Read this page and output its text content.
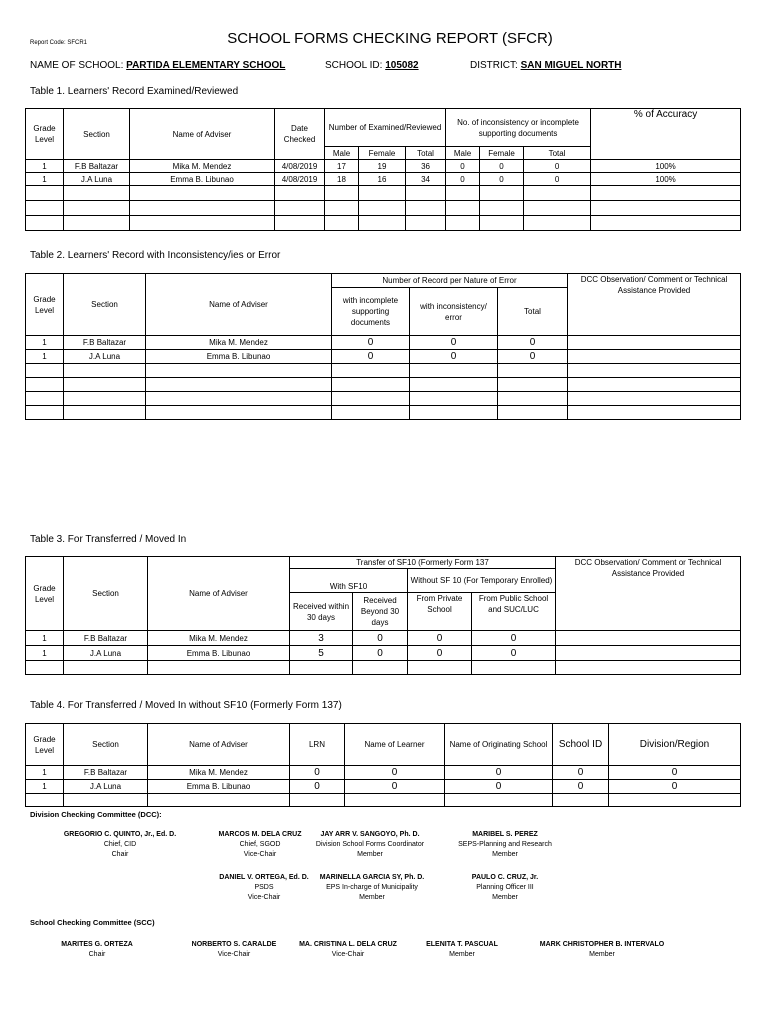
Report Code: SFCR1	SCHOOL FORMS CHECKING REPORT (SFCR)
NAME OF SCHOOL: PARTIDA ELEMENTARY SCHOOL	SCHOOL ID: 105082	DISTRICT: SAN MIGUEL NORTH
Table 1. Learners' Record Examined/Reviewed
Grade Level	Section	Name of Adviser	Date Checked	Number of Examined/Reviewed			No. of inconsistency or incomplete supporting documents			% of Accuracy
				Male	Female	Total	Male	Female	Total	
1	F.B Baltazar	Mika M. Mendez	4/08/2019	17	19	36	0	0	0	100%
1	J.A Luna	Emma B. Libunao	4/08/2019	18	16	34	0	0	0	100%

Table 2. Learners' Record with Inconsistency/ies or Error
Grade Level	Section	Name of Adviser	Number of Record per Nature of Error			DCC Observation/ Comment or Technical Assistance Provided
			with incomplete supporting documents	with inconsistency/ error	Total	
1	F.B Baltazar	Mika M. Mendez	0	0	0	
1	J.A Luna	Emma B. Libunao	0	0	0	

Table 3. For Transferred / Moved In
Grade Level	Section	Name of Adviser	Transfer of SF10 (Formerly Form 137				DCC Observation/ Comment or Technical Assistance Provided
			With SF10		Without SF 10 (For Temporary Enrolled)		
			Received within 30 days	Received Beyond 30 days	From Private School	From Public School and SUC/LUC	
1	F.B Baltazar	Mika M. Mendez	3	0	0	0	
1	J.A Luna	Emma B. Libunao	5	0	0	0	

Table 4. For Transferred / Moved In without SF10 (Formerly Form 137)
Grade Level	Section	Name of Adviser	LRN	Name of Learner	Name of Originating School	School ID	Division/Region
1	F.B Baltazar	Mika M. Mendez	0	0	0	0	0
1	J.A Luna	Emma B. Libunao	0	0	0	0	0

Division Checking Committee (DCC):
GREGORIO C. QUINTO, Jr., Ed. D.
Chief, CID
Chair
MARCOS M. DELA CRUZ
Chief, SGOD
Vice-Chair
JAY ARR V. SANGOYO, Ph. D.
Division School Forms Coordinator
Member
MARIBEL S. PEREZ
SEPS-Planning and Research
Member
DANIEL V. ORTEGA, Ed. D.
PSDS
Vice-Chair
MARINELLA GARCIA SY, Ph. D.
EPS In-charge of Municipality
Member
PAULO C. CRUZ, Jr.
Planning Officer III
Member
School Checking Committee (SCC)
MARITES G. ORTEZA
Chair
NORBERTO S. CARALDE
Vice-Chair
MA. CRISTINA L. DELA CRUZ
Vice-Chair
ELENITA T. PASCUAL
Member
MARK CHRISTOPHER B. INTERVALO
Member
